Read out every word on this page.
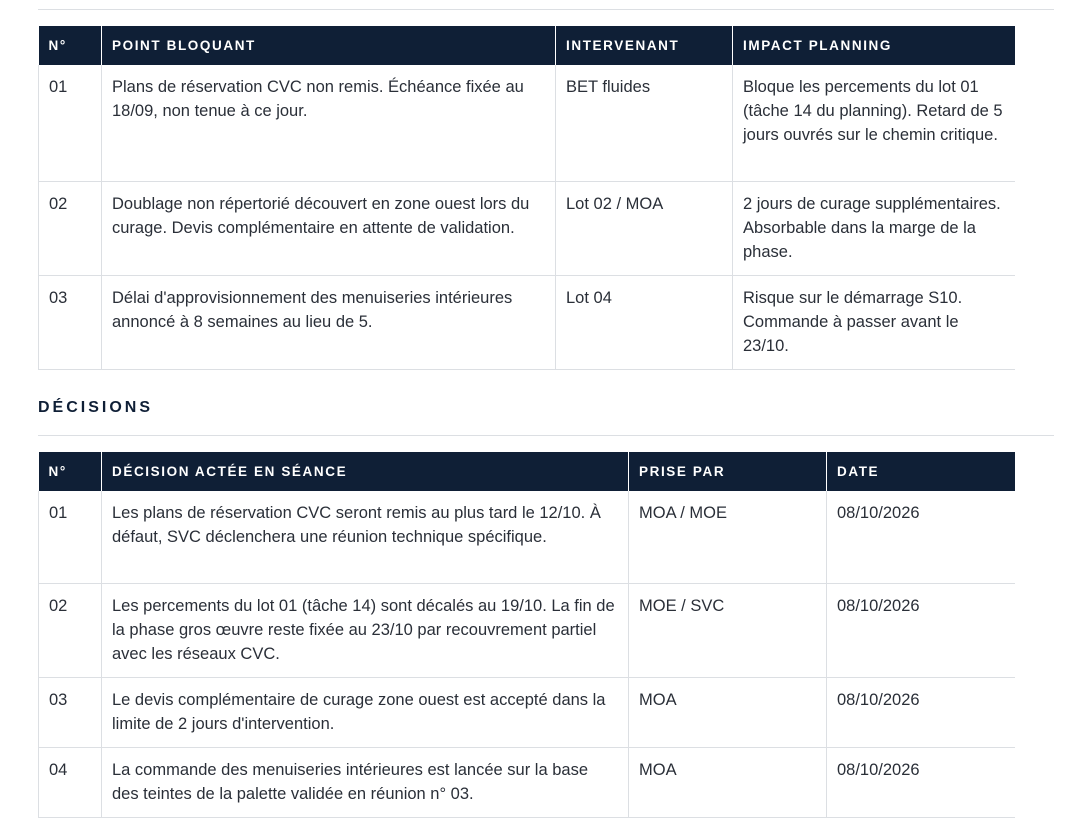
N°	POINT BLOQUANT	INTERVENANT	IMPACT PLANNING
01	Plans de réservation CVC non remis. Échéance fixée au 18/09, non tenue à ce jour.	BET fluides	Bloque les percements du lot 01 (tâche 14 du planning). Retard de 5 jours ouvrés sur le chemin critique.
02	Doublage non répertorié découvert en zone ouest lors du curage. Devis complémentaire en attente de validation.	Lot 02 / MOA	2 jours de curage supplémentaires. Absorbable dans la marge de la phase.
03	Délai d'approvisionnement des menuiseries intérieures annoncé à 8 semaines au lieu de 5.	Lot 04	Risque sur le démarrage S10. Commande à passer avant le 23/10.
DÉCISIONS
N°	DÉCISION ACTÉE EN SÉANCE	PRISE PAR	DATE
01	Les plans de réservation CVC seront remis au plus tard le 12/10. À défaut, SVC déclenchera une réunion technique spécifique.	MOA / MOE	08/10/2026
02	Les percements du lot 01 (tâche 14) sont décalés au 19/10. La fin de la phase gros œuvre reste fixée au 23/10 par recouvrement partiel avec les réseaux CVC.	MOE / SVC	08/10/2026
03	Le devis complémentaire de curage zone ouest est accepté dans la limite de 2 jours d'intervention.	MOA	08/10/2026
04	La commande des menuiseries intérieures est lancée sur la base des teintes de la palette validée en réunion n° 03.	MOA	08/10/2026
